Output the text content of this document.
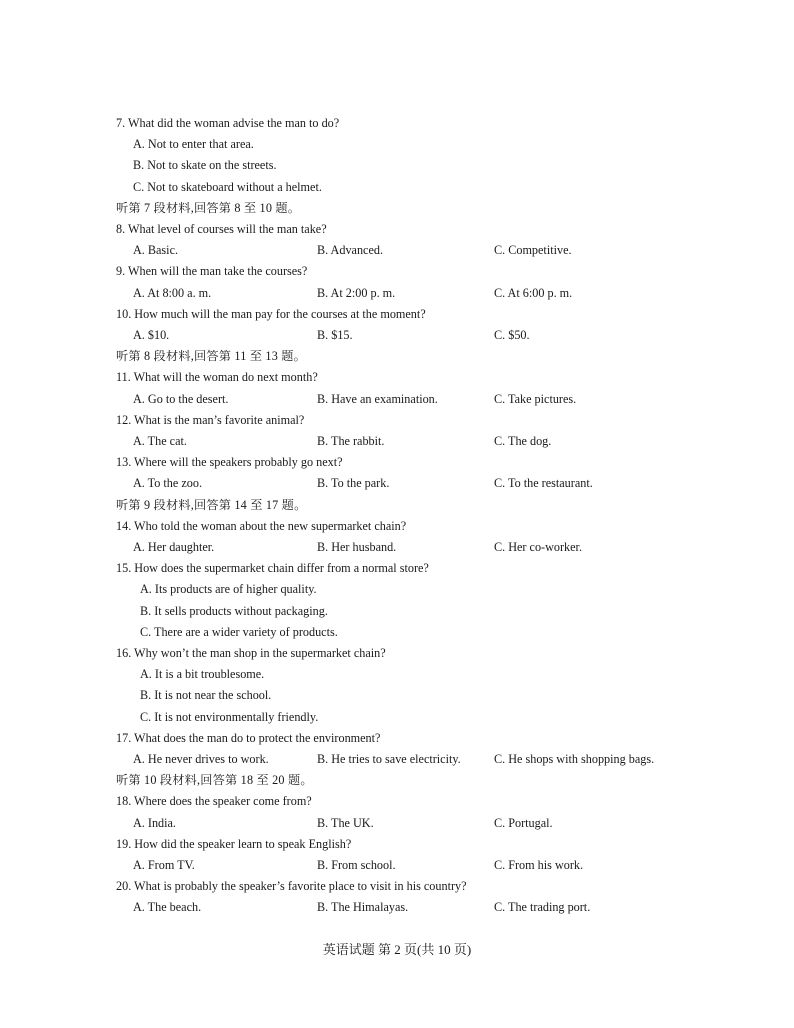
7. What did the woman advise the man to do?
A. Not to enter that area.
B. Not to skate on the streets.
C. Not to skateboard without a helmet.
听第 7 段材料,回答第 8 至 10 题。
8. What level of courses will the man take?
A. Basic.	B. Advanced.	C. Competitive.
9. When will the man take the courses?
A. At 8:00 a. m.	B. At 2:00 p. m.	C. At 6:00 p. m.
10. How much will the man pay for the courses at the moment?
A. $10.	B. $15.	C. $50.
听第 8 段材料,回答第 11 至 13 题。
11. What will the woman do next month?
A. Go to the desert.	B. Have an examination.	C. Take pictures.
12. What is the man’s favorite animal?
A. The cat.	B. The rabbit.	C. The dog.
13. Where will the speakers probably go next?
A. To the zoo.	B. To the park.	C. To the restaurant.
听第 9 段材料,回答第 14 至 17 题。
14. Who told the woman about the new supermarket chain?
A. Her daughter.	B. Her husband.	C. Her co-worker.
15. How does the supermarket chain differ from a normal store?
A. Its products are of higher quality.
B. It sells products without packaging.
C. There are a wider variety of products.
16. Why won’t the man shop in the supermarket chain?
A. It is a bit troublesome.
B. It is not near the school.
C. It is not environmentally friendly.
17. What does the man do to protect the environment?
A. He never drives to work.	B. He tries to save electricity.	C. He shops with shopping bags.
听第 10 段材料,回答第 18 至 20 题。
18. Where does the speaker come from?
A. India.	B. The UK.	C. Portugal.
19. How did the speaker learn to speak English?
A. From TV.	B. From school.	C. From his work.
20. What is probably the speaker’s favorite place to visit in his country?
A. The beach.	B. The Himalayas.	C. The trading port.
英语试题 第 2 页(共 10 页)
